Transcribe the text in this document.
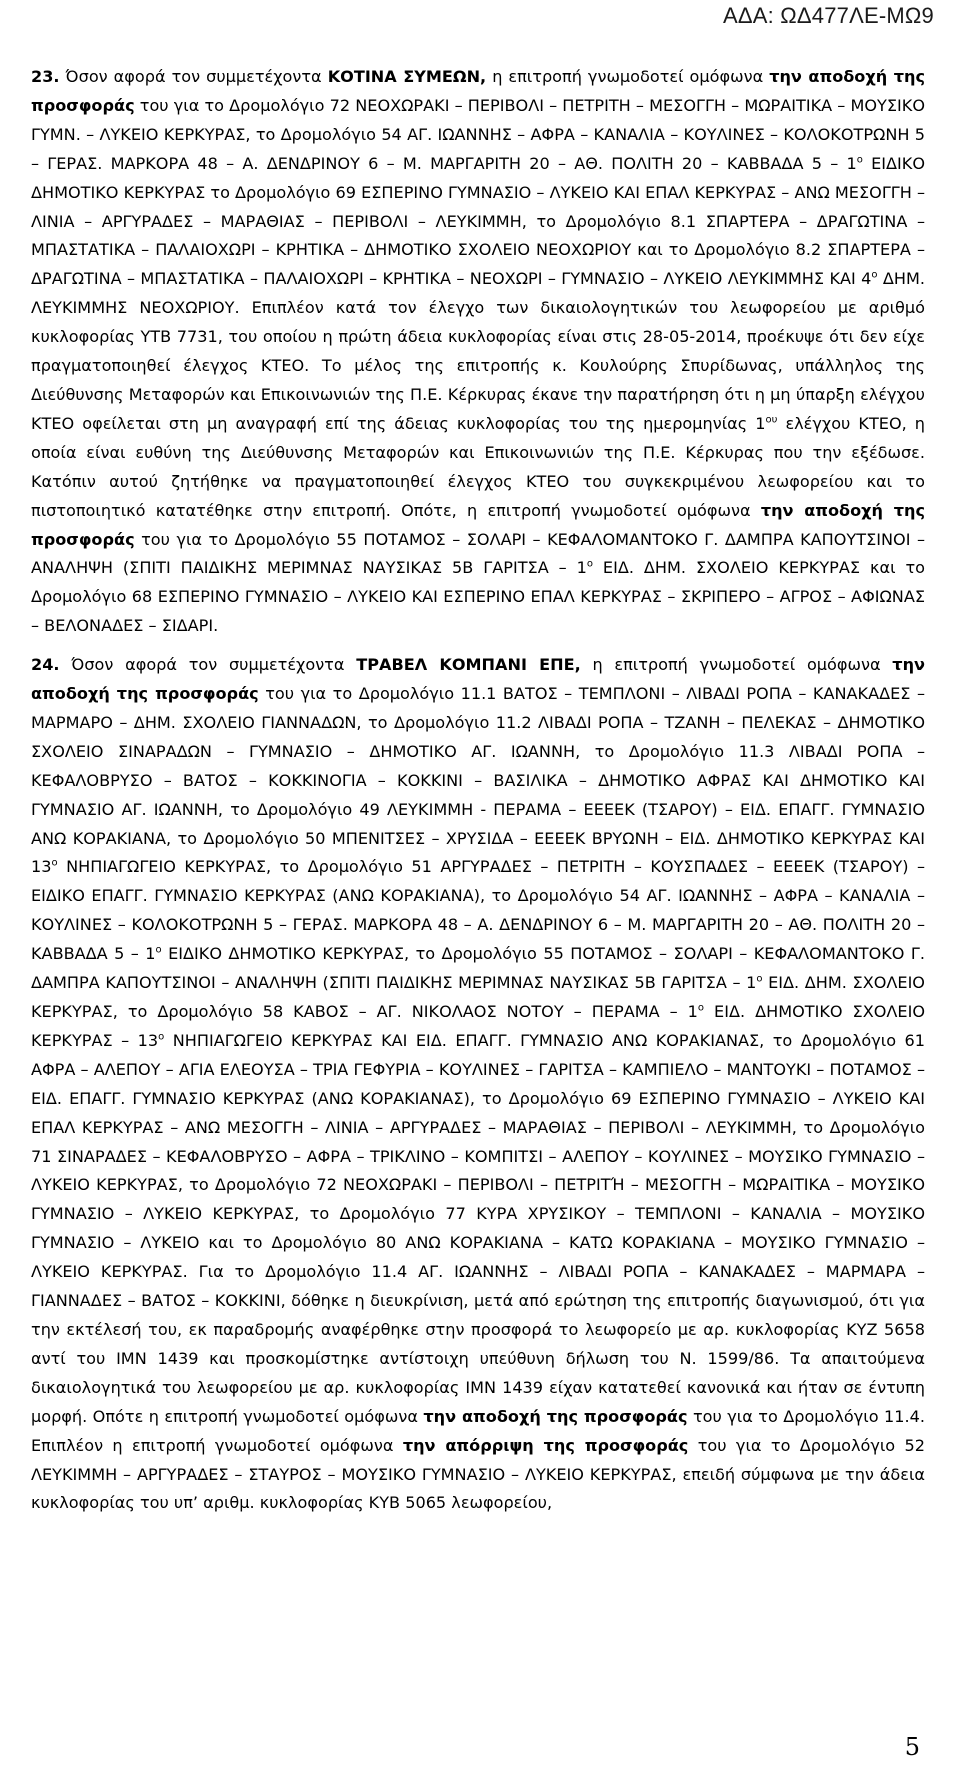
ΑΔΑ: ΩΔ477ΛΕ-ΜΩ9

23. Όσον αφορά τον συμμετέχοντα ΚΟΤΙΝΑ ΣΥΜΕΩΝ, η επιτροπή γνωμοδοτεί ομόφωνα την αποδοχή της προσφοράς του για το Δρομολόγιο 72 ΝΕΟΧΩΡΑΚΙ – ΠΕΡΙΒΟΛΙ – ΠΕΤΡΙΤΗ – ΜΕΣΟΓΓΗ – ΜΩΡΑΙΤΙΚΑ – ΜΟΥΣΙΚΟ ΓΥΜΝ. – ΛΥΚΕΙΟ ΚΕΡΚΥΡΑΣ, το Δρομολόγιο 54 ΑΓ. ΙΩΑΝΝΗΣ – ΑΦΡΑ – ΚΑΝΑΛΙΑ – ΚΟΥΛΙΝΕΣ – ΚΟΛΟΚΟΤΡΩΝΗ 5 – ΓΕΡΑΣ. ΜΑΡΚΟΡΑ 48 – Α. ΔΕΝΔΡΙΝΟΥ 6 – Μ. ΜΑΡΓΑΡΙΤΗ 20 – ΑΘ. ΠΟΛΙΤΗ 20 – ΚΑΒΒΑΔΑ $5 - 1^o$ ΕΙΔΙΚΟ ΔΗΜΟΤΙΚΟ ΚΕΡΚΥΡΑΣ το Δρομολόγιο 69 ΕΣΠΕΡΙΝΟ ΓΥΜΝΑΣΙΟ – ΛΥΚΕΙΟ ΚΑΙ ΕΠΑΛ ΚΕΡΚΥΡΑΣ – ΑΝΩ ΜΕΣΟΓΓΗ – ΛΙΝΙΑ – ΑΡΓΥΡΑΔΕΣ – ΜΑΡΑΘΙΑΣ – ΠΕΡΙΒΟΛΙ – ΛΕΥΚΙΜΜΗ, το Δρομολόγιο 8.1 ΣΠΑΡΤΕΡΑ – ΔΡΑΓΩΤΙΝΑ – ΜΠΑΣΤΑΤΙΚΑ – ΠΑΛΑΙΟΧΩΡΙ – ΚΡΗΤΙΚΑ – ΔΗΜΟΤΙΚΟ ΣΧΟΛΕΙΟ ΝΕΟΧΩΡΙΟΥ και το Δρομολόγιο 8.2 ΣΠΑΡΤΕΡΑ – ΔΡΑΓΩΤΙΝΑ – ΜΠΑΣΤΑΤΙΚΑ – ΠΑΛΑΙΟΧΩΡΙ – ΚΡΗΤΙΚΑ – ΝΕΟΧΩΡΙ – ΓΥΜΝΑΣΙΟ – ΛΥΚΕΙΟ ΛΕΥΚΙΜΜΗΣ ΚΑΙ $4^o$ ΔΗΜ. ΛΕΥΚΙΜΜΗΣ ΝΕΟΧΩΡΙΟΥ. Επιπλέον κατά τον έλεγχο των δικαιολογητικών του λεωφορείου με αριθμό κυκλοφορίας ΥΤΒ 7731, του οποίου η πρώτη άδεια κυκλοφορίας είναι στις 28-05-2014, προέκυψε ότι δεν είχε πραγματοποιηθεί έλεγχος ΚΤΕΟ. Το μέλος της επιτροπής κ. Κουλούρης Σπυρίδωνας, υπάλληλος της Διεύθυνσης Μεταφορών και Επικοινωνιών της Π.Ε. Κέρκυρας έκανε την παρατήρηση ότι η μη ύπαρξη ελέγχου ΚΤΕΟ οφείλεται στη μη αναγραφή επί της άδειας κυκλοφορίας του της ημερομηνίας $1^{o\upsilon}$ ελέγχου ΚΤΕΟ, η οποία είναι ευθύνη της Διεύθυνσης Μεταφορών και Επικοινωνιών της Π.Ε. Κέρκυρας που την εξέδωσε. Κατόπιν αυτού ζητήθηκε να πραγματοποιηθεί έλεγχος ΚΤΕΟ του συγκεκριμένου λεωφορείου και το πιστοποιητικό κατατέθηκε στην επιτροπή. Οπότε, η επιτροπή γνωμοδοτεί ομόφωνα την αποδοχή της προσφοράς του για το Δρομολόγιο 55 ΠΟΤΑΜΟΣ – ΣΟΛΑΡΙ – ΚΕΦΑΛΟΜΑΝΤΟΚΟ Γ. ΔΑΜΠΡΑ ΚΑΠΟΥΤΣΙΝΟΙ – ΑΝΑΛΗΨΗ (ΣΠΙΤΙ ΠΑΙΔΙΚΗΣ ΜΕΡΙΜΝΑΣ ΝΑΥΣΙΚΑΣ 5Β ΓΑΡΙΤΣΑ – $1^o$ ΕΙΔ. ΔΗΜ. ΣΧΟΛΕΙΟ ΚΕΡΚΥΡΑΣ και το Δρομολόγιο 68 ΕΣΠΕΡΙΝΟ ΓΥΜΝΑΣΙΟ – ΛΥΚΕΙΟ ΚΑΙ ΕΣΠΕΡΙΝΟ ΕΠΑΛ ΚΕΡΚΥΡΑΣ – ΣΚΡΙΠΕΡΟ – ΑΓΡΟΣ – ΑΦΙΩΝΑΣ – ΒΕΛΟΝΑΔΕΣ – ΣΙΔΑΡΙ.

24. Όσον αφορά τον συμμετέχοντα ΤΡΑΒΕΛ ΚΟΜΠΑΝΙ ΕΠΕ, η επιτροπή γνωμοδοτεί ομόφωνα την αποδοχή της προσφοράς του για το Δρομολόγιο 11.1 ΒΑΤΟΣ – ΤΕΜΠΛΟΝΙ – ΛΙΒΑΔΙ ΡΟΠΑ – ΚΑΝΑΚΑΔΕΣ – ΜΑΡΜΑΡΟ – ΔΗΜ. ΣΧΟΛΕΙΟ ΓΙΑΝΝΑΔΩΝ, το Δρομολόγιο 11.2 ΛΙΒΑΔΙ ΡΟΠΑ – ΤΖΑΝΗ – ΠΕΛΕΚΑΣ – ΔΗΜΟΤΙΚΟ ΣΧΟΛΕΙΟ ΣΙΝΑΡΑΔΩΝ – ΓΥΜΝΑΣΙΟ – ΔΗΜΟΤΙΚΟ ΑΓ. ΙΩΑΝΝΗ, το Δρομολόγιο 11.3 ΛΙΒΑΔΙ ΡΟΠΑ – ΚΕΦΑΛΟΒΡΥΣΟ – ΒΑΤΟΣ – ΚΟΚΚΙΝΟΓΙΑ – ΚΟΚΚΙΝΙ – ΒΑΣΙΛΙΚΑ – ΔΗΜΟΤΙΚΟ ΑΦΡΑΣ ΚΑΙ ΔΗΜΟΤΙΚΟ ΚΑΙ ΓΥΜΝΑΣΙΟ ΑΓ. ΙΩΑΝΝΗ, το Δρομολόγιο 49 ΛΕΥΚΙΜΜΗ - ΠΕΡΑΜΑ – ΕΕΕΕΚ (ΤΣΑΡΟΥ) – ΕΙΔ. ΕΠΑΓΓ. ΓΥΜΝΑΣΙΟ ΑΝΩ ΚΟΡΑΚΙΑΝΑ, το Δρομολόγιο 50 ΜΠΕΝΙΤΣΕΣ – ΧΡΥΣΙΔΑ – ΕΕΕΕΚ ΒΡΥΩΝΗ – ΕΙΔ. ΔΗΜΟΤΙΚΟ ΚΕΡΚΥΡΑΣ ΚΑΙ $13^o$ ΝΗΠΙΑΓΩΓΕΙΟ ΚΕΡΚΥΡΑΣ, το Δρομολόγιο 51 ΑΡΓΥΡΑΔΕΣ – ΠΕΤΡΙΤΗ – ΚΟΥΣΠΑΔΕΣ – ΕΕΕΕΚ (ΤΣΑΡΟΥ) – ΕΙΔΙΚΟ ΕΠΑΓΓ. ΓΥΜΝΑΣΙΟ ΚΕΡΚΥΡΑΣ (ΑΝΩ ΚΟΡΑΚΙΑΝΑ), το Δρομολόγιο 54 ΑΓ. ΙΩΑΝΝΗΣ – ΑΦΡΑ – ΚΑΝΑΛΙΑ – ΚΟΥΛΙΝΕΣ – ΚΟΛΟΚΟΤΡΩΝΗ 5 – ΓΕΡΑΣ. ΜΑΡΚΟΡΑ 48 – Α. ΔΕΝΔΡΙΝΟΥ 6 – Μ. ΜΑΡΓΑΡΙΤΗ 20 – ΑΘ. ΠΟΛΙΤΗ 20 – ΚΑΒΒΑΔΑ $5 - 1^o$ ΕΙΔΙΚΟ ΔΗΜΟΤΙΚΟ ΚΕΡΚΥΡΑΣ, το Δρομολόγιο 55 ΠΟΤΑΜΟΣ – ΣΟΛΑΡΙ – ΚΕΦΑΛΟΜΑΝΤΟΚΟ Γ. ΔΑΜΠΡΑ ΚΑΠΟΥΤΣΙΝΟΙ – ΑΝΑΛΗΨΗ (ΣΠΙΤΙ ΠΑΙΔΙΚΗΣ ΜΕΡΙΜΝΑΣ ΝΑΥΣΙΚΑΣ 5Β ΓΑΡΙΤΣΑ – $1^o$ ΕΙΔ. ΔΗΜ. ΣΧΟΛΕΙΟ ΚΕΡΚΥΡΑΣ, το Δρομολόγιο 58 ΚΑΒΟΣ – ΑΓ. ΝΙΚΟΛΑΟΣ ΝΟΤΟΥ – ΠΕΡΑΜΑ – $1^o$ ΕΙΔ. ΔΗΜΟΤΙΚΟ ΣΧΟΛΕΙΟ ΚΕΡΚΥΡΑΣ – $13^o$ ΝΗΠΙΑΓΩΓΕΙΟ ΚΕΡΚΥΡΑΣ ΚΑΙ ΕΙΔ. ΕΠΑΓΓ. ΓΥΜΝΑΣΙΟ ΑΝΩ ΚΟΡΑΚΙΑΝΑΣ, το Δρομολόγιο 61 ΑΦΡΑ – ΑΛΕΠΟΥ – ΑΓΙΑ ΕΛΕΟΥΣΑ – ΤΡΙΑ ΓΕΦΥΡΙΑ – ΚΟΥΛΙΝΕΣ – ΓΑΡΙΤΣΑ – ΚΑΜΠΙΕΛΟ – ΜΑΝΤΟΥΚΙ – ΠΟΤΑΜΟΣ – ΕΙΔ. ΕΠΑΓΓ. ΓΥΜΝΑΣΙΟ ΚΕΡΚΥΡΑΣ (ΑΝΩ ΚΟΡΑΚΙΑΝΑΣ), το Δρομολόγιο 69 ΕΣΠΕΡΙΝΟ ΓΥΜΝΑΣΙΟ – ΛΥΚΕΙΟ ΚΑΙ ΕΠΑΛ ΚΕΡΚΥΡΑΣ – ΑΝΩ ΜΕΣΟΓΓΗ – ΛΙΝΙΑ – ΑΡΓΥΡΑΔΕΣ – ΜΑΡΑΘΙΑΣ – ΠΕΡΙΒΟΛΙ – ΛΕΥΚΙΜΜΗ, το Δρομολόγιο 71 ΣΙΝΑΡΑΔΕΣ – ΚΕΦΑΛΟΒΡΥΣΟ – ΑΦΡΑ – ΤΡΙΚΛΙΝΟ – ΚΟΜΠΙΤΣΙ – ΑΛΕΠΟΥ – ΚΟΥΛΙΝΕΣ – ΜΟΥΣΙΚΟ ΓΥΜΝΑΣΙΟ – ΛΥΚΕΙΟ ΚΕΡΚΥΡΑΣ, το Δρομολόγιο 72 ΝΕΟΧΩΡΑΚΙ – ΠΕΡΙΒΟΛΙ – ΠΕΤΡΙΤΉ – ΜΕΣΟΓΓΗ – ΜΩΡΑΙΤΙΚΑ – ΜΟΥΣΙΚΟ ΓΥΜΝΑΣΙΟ – ΛΥΚΕΙΟ ΚΕΡΚΥΡΑΣ, το Δρομολόγιο 77 ΚΥΡΑ ΧΡΥΣΙΚΟΥ – ΤΕΜΠΛΟΝΙ – ΚΑΝΑΛΙΑ – ΜΟΥΣΙΚΟ ΓΥΜΝΑΣΙΟ – ΛΥΚΕΙΟ και το Δρομολόγιο 80 ΑΝΩ ΚΟΡΑΚΙΑΝΑ – ΚΑΤΩ ΚΟΡΑΚΙΑΝΑ – ΜΟΥΣΙΚΟ ΓΥΜΝΑΣΙΟ – ΛΥΚΕΙΟ ΚΕΡΚΥΡΑΣ. Για το Δρομολόγιο 11.4 ΑΓ. ΙΩΑΝΝΗΣ – ΛΙΒΑΔΙ ΡΟΠΑ – ΚΑΝΑΚΑΔΕΣ – ΜΑΡΜΑΡΑ – ΓΙΑΝΝΑΔΕΣ – ΒΑΤΟΣ – ΚΟΚΚΙΝΙ, δόθηκε η διευκρίνιση, μετά από ερώτηση της επιτροπής διαγωνισμού, ότι για την εκτέλεσή του, εκ παραδρομής αναφέρθηκε στην προσφορά το λεωφορείο με αρ. κυκλοφορίας ΚΥΖ 5658 αντί του ΙΜΝ 1439 και προσκομίστηκε αντίστοιχη υπεύθυνη δήλωση του Ν. 1599/86. Τα απαιτούμενα δικαιολογητικά του λεωφορείου με αρ. κυκλοφορίας ΙΜΝ 1439 είχαν κατατεθεί κανονικά και ήταν σε έντυπη μορφή. Οπότε η επιτροπή γνωμοδοτεί ομόφωνα την αποδοχή της προσφοράς του για το Δρομολόγιο 11.4. Επιπλέον η επιτροπή γνωμοδοτεί ομόφωνα την απόρριψη της προσφοράς του για το Δρομολόγιο 52 ΛΕΥΚΙΜΜΗ – ΑΡΓΥΡΑΔΕΣ – ΣΤΑΥΡΟΣ – ΜΟΥΣΙΚΟ ΓΥΜΝΑΣΙΟ – ΛΥΚΕΙΟ ΚΕΡΚΥΡΑΣ, επειδή σύμφωνα με την άδεια κυκλοφορίας του υπ’ αριθμ. κυκλοφορίας ΚΥΒ 5065 λεωφορείου,

5
